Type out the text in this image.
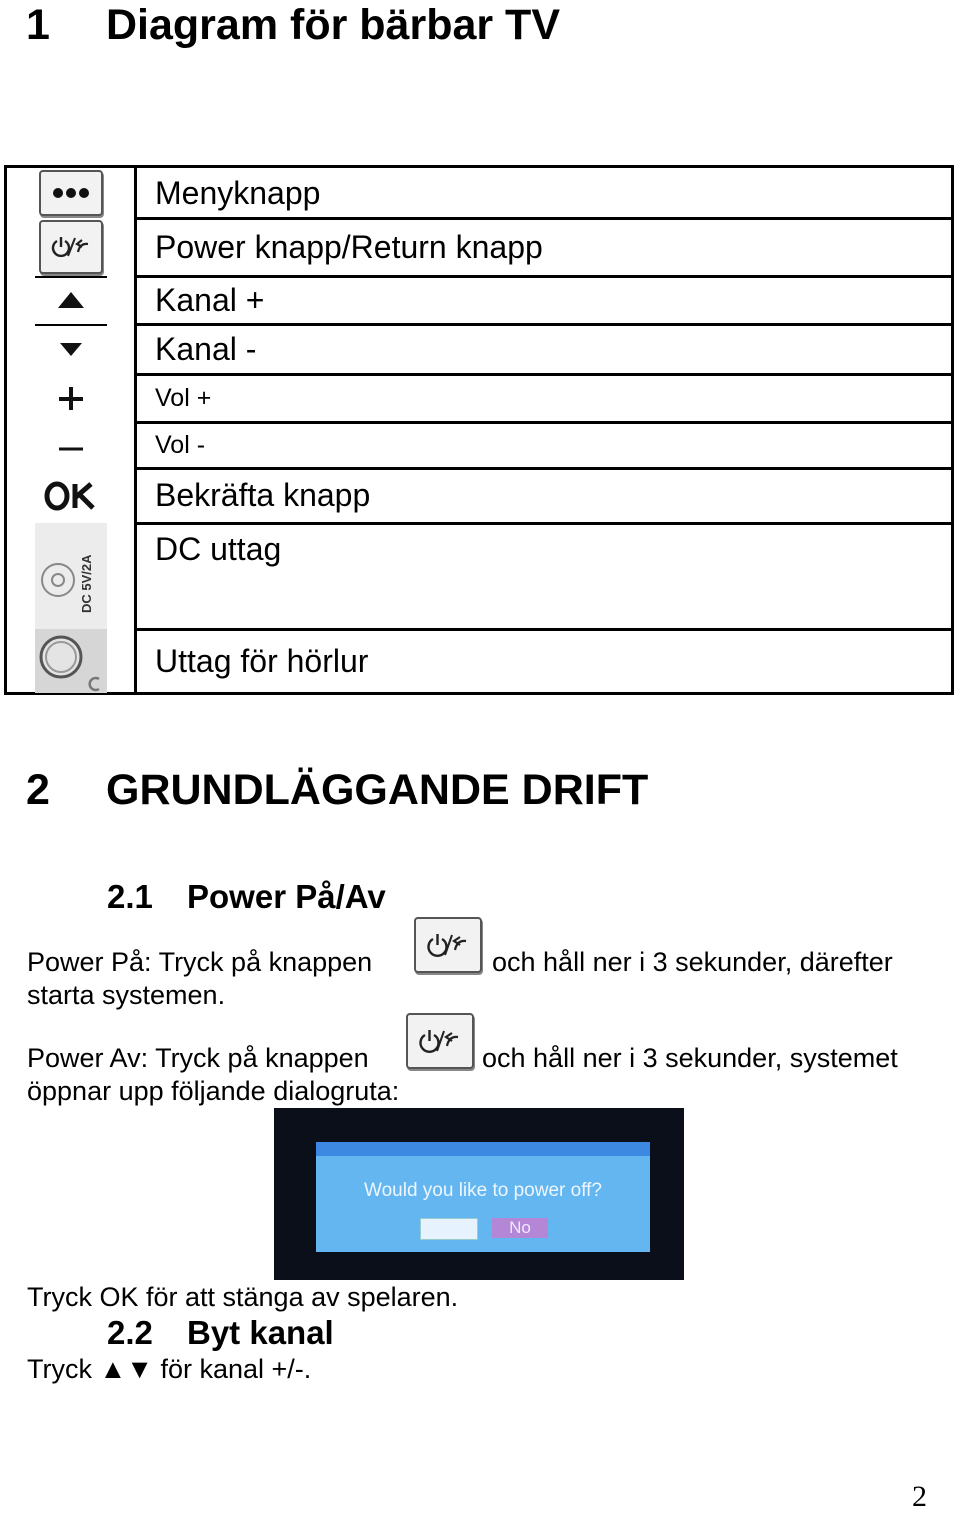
1 Diagram för bärbar TV
Menyknapp
Power knapp/Return knapp
Kanal +
Kanal -
Vol +
Vol -
Bekräfta knapp
DC 5V/2A
DC uttag
Uttag för hörlur
2 GRUNDLÄGGANDE DRIFT
2.1 Power På/Av
Power På: Tryck på knappen	och håll ner i 3 sekunder, därefter
starta systemen.
Power Av: Tryck på knappen	och håll ner i 3 sekunder, systemet
öppnar upp följande dialogruta:
Would you like to power off?
No
Tryck OK för att stänga av spelaren.
2.2 Byt kanal
Tryck ▲▼ för kanal +/-.
2
